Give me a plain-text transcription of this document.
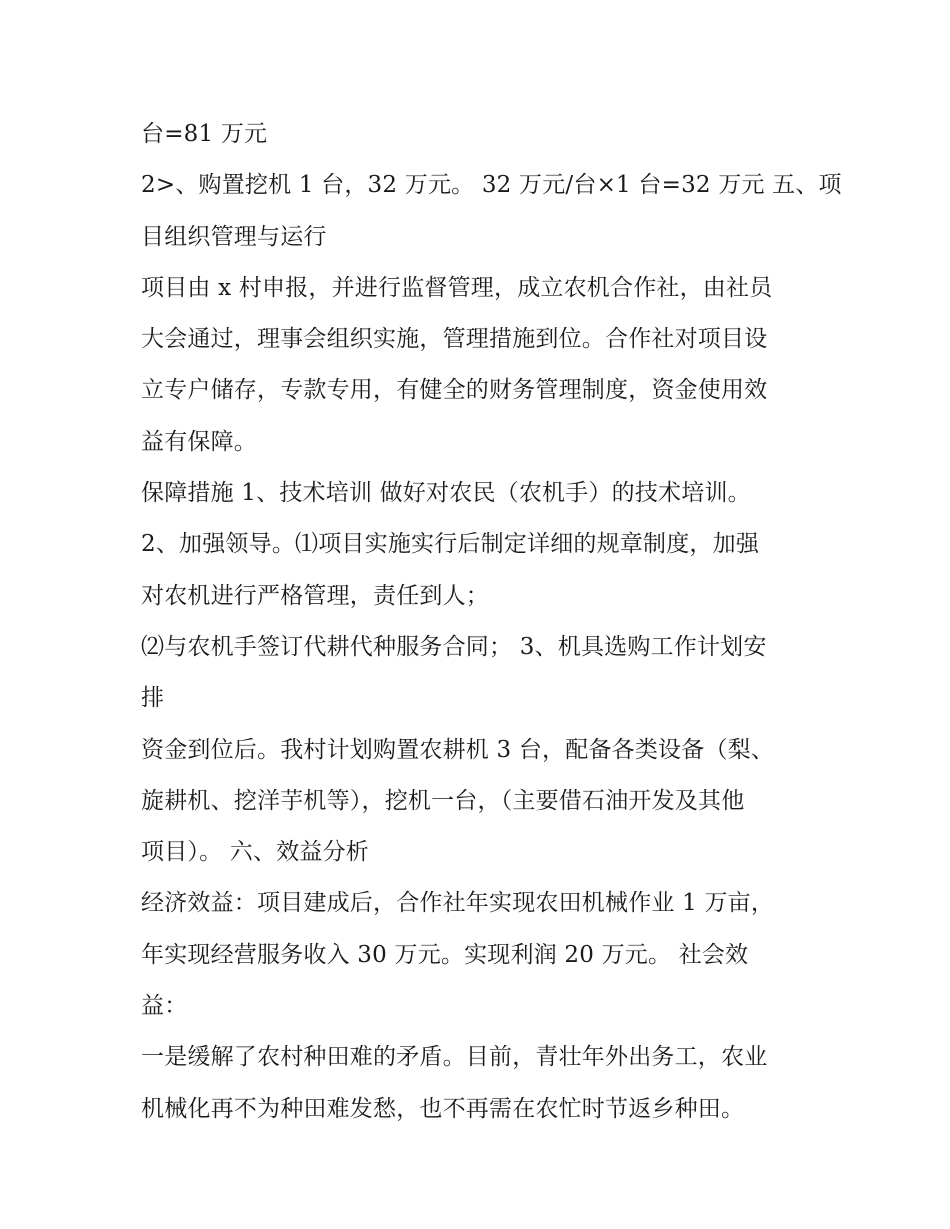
台=81 万元
2>、购置挖机 1 台，32 万元。 32 万元/台×1 台=32 万元 五、项
目组织管理与运行
项目由 x 村申报，并进行监督管理，成立农机合作社，由社员
大会通过，理事会组织实施，管理措施到位。合作社对项目设
立专户储存，专款专用，有健全的财务管理制度，资金使用效
益有保障。
保障措施 1、技术培训 做好对农民（农机手）的技术培训。
2、加强领导。⑴项目实施实行后制定详细的规章制度，加强
对农机进行严格管理，责任到人；
⑵与农机手签订代耕代种服务合同； 3、机具选购工作计划安
排
资金到位后。我村计划购置农耕机 3 台，配备各类设备（梨、
旋耕机、挖洋芋机等），挖机一台，（主要借石油开发及其他
项目）。 六、效益分析
经济效益：项目建成后，合作社年实现农田机械作业 1 万亩，
年实现经营服务收入 30 万元。实现利润 20 万元。 社会效
益：
一是缓解了农村种田难的矛盾。目前，青壮年外出务工，农业
机械化再不为种田难发愁，也不再需在农忙时节返乡种田。
